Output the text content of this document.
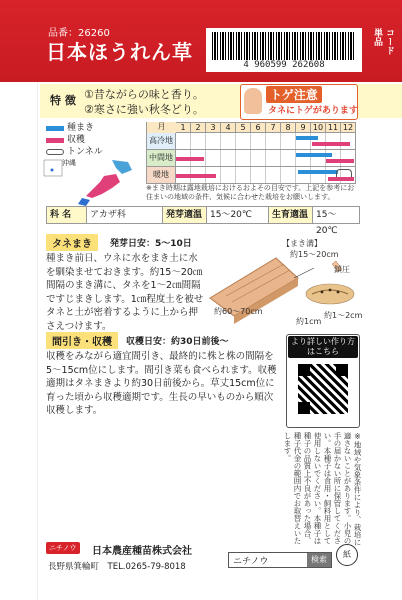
品番：26260
日本ほうれん草
4 960599 262608
単品 コード
特 徴 ①昔ながらの味と香り。
②寒さに強い秋冬どり。
トゲ注意
タネにトゲがあります
種まき
収穫
トンネル
沖縄
月	1	2	3	4	5	6	7	8	9 10 11 12
高冷地
中間地
暖地
※まき時期は露地栽培におけるおよその目安です。上記を参考にお住まいの地域の条件、気候に合わせた栽培をお願いします。
科 名	アカザ科	発芽適温 15〜20℃	生育適温 15〜20℃
タネまき	発芽日安：5〜10日
種まき前日、ウネに水をまき土に水を馴染ませておきます。約15〜20㎝間隔のまき溝に、タネを1〜2㎝間隔ですじまきします。1㎝程度土を被せタネと土が密着するように上から押さえつけます。
【まき溝】
約15〜20cm
鎮圧
約60〜70cm
約1cm
約1〜2cm
間引き・収穫	収穫日安：約30日前後〜
収穫をみながら適宜間引き、最終的に株と株の間隔を5〜15cm位にします。間引き菜も食べられます。収穫適期はタネまきより約30日前後から。草丈15cm位に育った頃から収穫適期です。生長の早いものから順次収穫します。
より詳しい作り方はこちら
※地域や気象条件により、栽培に適さないことがあります。小児の手の届かない所に保管してください。本種子は食用・飼料用として使用しないでください。本種子は種子の品質上不良があった場合、種子代金の範囲内でお取替えいたします。
ニチノウ	日本農産種苗株式会社
長野県箕輪町　TEL.0265-79-8018	ニチノウ	検索
紙
